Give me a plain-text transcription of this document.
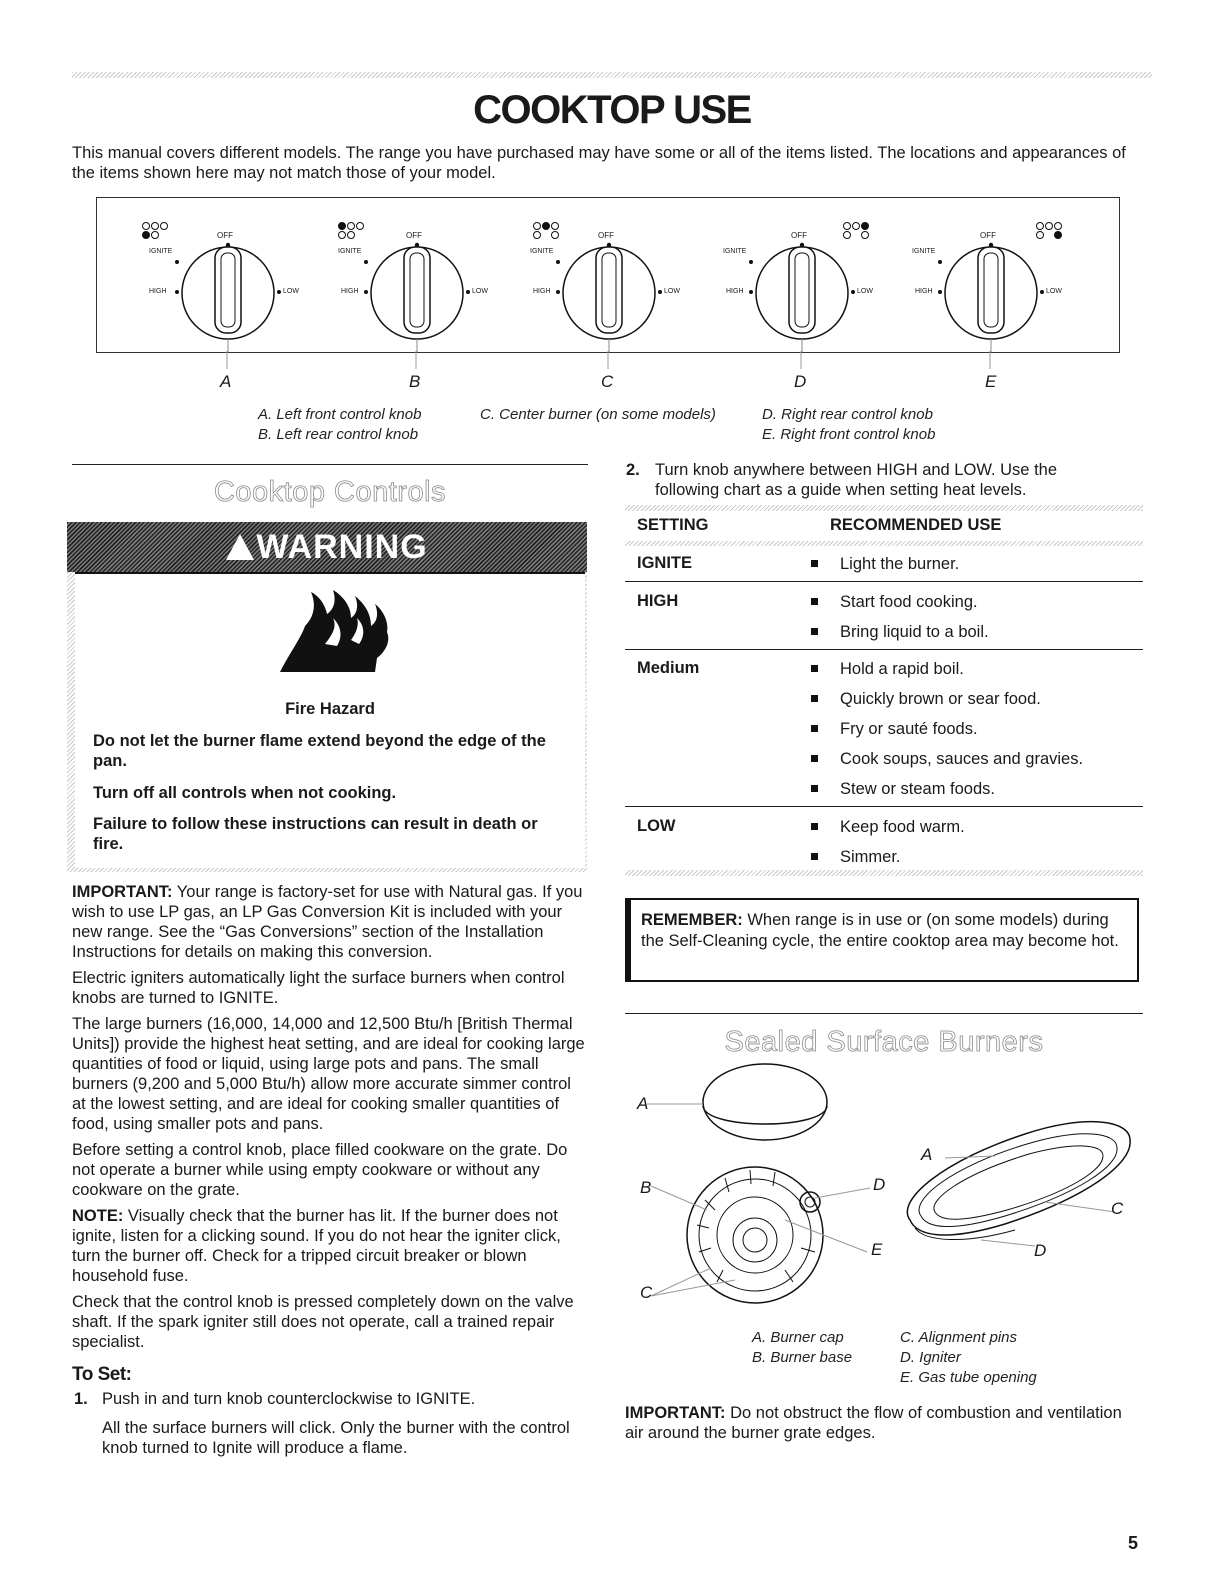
COOKTOP USE
This manual covers different models. The range you have purchased may have some or all of the items listed. The locations and appearances of the items shown here may not match those of your model.
OFF
IGNITE
HIGH	LOW
OFF
IGNITE
HIGH	LOW
OFF
IGNITE
HIGH	LOW
OFF
IGNITE
HIGH	LOW
OFF
IGNITE
HIGH	LOW
A	B	C	D	E
A. Left front control knob
B. Left rear control knob
C. Center burner (on some models)	D. Right rear control knob
E. Right front control knob
Cooktop Controls
WARNING
Fire Hazard
Do not let the burner flame extend beyond the edge of the pan.
Turn off all controls when not cooking.
Failure to follow these instructions can result in death or fire.

IMPORTANT: Your range is factory-set for use with Natural gas. If you wish to use LP gas, an LP Gas Conversion Kit is included with your new range. See the “Gas Conversions” section of the Installation Instructions for details on making this conversion.

Electric igniters automatically light the surface burners when control knobs are turned to IGNITE.

The large burners (16,000, 14,000 and 12,500 Btu/h [British Thermal Units]) provide the highest heat setting, and are ideal for cooking large quantities of food or liquid, using large pots and pans. The small burners (9,200 and 5,000 Btu/h) allow more accurate simmer control at the lowest setting, and are ideal for cooking smaller quantities of food, using smaller pots and pans.

Before setting a control knob, place filled cookware on the grate. Do not operate a burner while using empty cookware or without any cookware on the grate.

NOTE: Visually check that the burner has lit. If the burner does not ignite, listen for a clicking sound. If you do not hear the igniter click, turn the burner off. Check for a tripped circuit breaker or blown household fuse.

Check that the control knob is pressed completely down on the valve shaft. If the spark igniter still does not operate, call a trained repair specialist.

To Set:
1. Push in and turn knob counterclockwise to IGNITE.
All the surface burners will click. Only the burner with the control knob turned to Ignite will produce a flame.
2. Turn knob anywhere between HIGH and LOW. Use the following chart as a guide when setting heat levels.
SETTING	RECOMMENDED USE
IGNITE	Light the burner.
HIGH	Start food cooking.
Bring liquid to a boil.
Medium	Hold a rapid boil.
Quickly brown or sear food.
Fry or sauté foods.
Cook soups, sauces and gravies.
Stew or steam foods.
LOW	Keep food warm.
Simmer.
REMEMBER: When range is in use or (on some models) during the Self-Cleaning cycle, the entire cooktop area may become hot.
Sealed Surface Burners
A
B	D
E
C
A
C
D
A. Burner cap
B. Burner base
C. Alignment pins
D. Igniter
E. Gas tube opening
IMPORTANT: Do not obstruct the flow of combustion and ventilation air around the burner grate edges.
5
